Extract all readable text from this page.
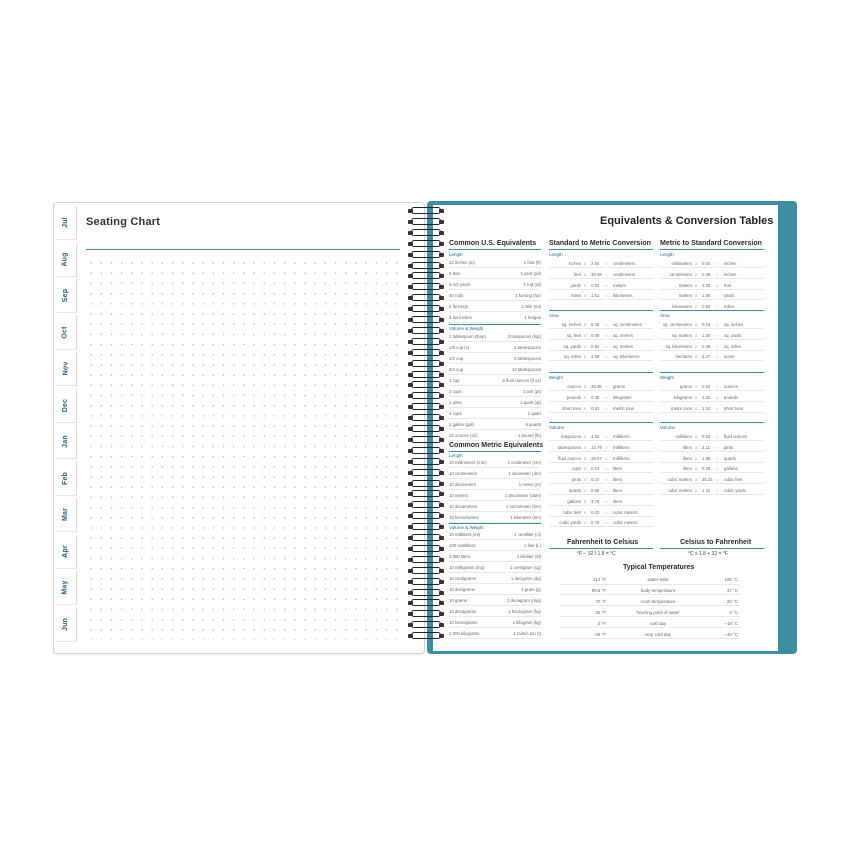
Jul
Aug
Sep
Oct
Nov
Dec
Jan
Feb
Mar
Apr
May
Jun
Seating Chart	Equivalents & Conversion Tables
Common U.S. Equivalents
Length
12 inches (in)	1 foot (ft)
3 feet	1 yard (yd)
5-1/2 yards	1 rod (rd)
40 rods	1 furlong (fur)
8 furlongs	1 mile (mi)
3 land miles	1 league
Volume & Weight
1 tablespoon (tbsp)	3 teaspoons (tsp)
1/8 cup (c)	2 tablespoons
1/2 cup	8 tablespoons
3/4 cup	12 tablespoons
1 cup	8 fluid ounces (fl oz)
2 cups	1 pint (pt)
2 pints	1 quart (qt)
4 cups	1 quart
1 gallon (gal)	4 quarts
16 ounces (oz)	1 pound (lb)
Common Metric Equivalents
Length
10 millimeters (mm)	1 centimeter (cm)
10 centimeters	1 decimeter (dm)
10 decimeters	1 meter (m)
10 meters	1 decameter (dam)
10 decameters	1 hectometer (hm)
10 hectometers	1 kilometer (km)
Volume & Weight
10 milliliters (ml)	1 centiliter (cl)
100 centiliters	1 liter (L)
1,000 liters	1 kiloliter (kl)
10 milligrams (mg)	1 centigram (cg)
10 centigrams	1 decigram (dg)
10 decigrams	1 gram (g)
10 grams	1 decagram (dag)
10 decagrams	1 hectogram (hg)
10 hectograms	1 kilogram (kg)
1,000 kilograms	1 metric ton (t)
Standard to Metric Conversion
Length
inches x 2.54	= centimeters
feet x 30.48 = centimeters
yards x 0.91	= meters
miles x 1.61	= kilometers
Area
sq. inches x 6.45	= sq. centimeters
sq. feet x 0.09	= sq. meters
sq. yards x 0.84	= sq. meters
sq. miles x 2.59	= sq. kilometers
Weight
ounces x 28.35 = grams
pounds x 0.45	= kilograms
short tons x 0.91	= metric tons
Volume
teaspoons x 4.93	= milliliters
tablespoons x 14.79 = milliliters
fluid ounces x 29.57 = milliliters
cups x 0.24	= liters
pints x 0.47	= liters
quarts x 0.95	= liters
gallons x 3.79	= liters
cubic feet x 0.03	= cubic meters
cubic yards x 0.76	= cubic meters
Metric to Standard Conversion
Length
millimeters x 0.04	= inches
centimeters x 0.39	= inches
meters x 3.28	= feet
meters x 1.09	= yards
kilometers x 0.62	= miles
Area
sq. centimeters x 0.16	= sq. inches
sq. meters x 1.20	= sq. yards
sq. kilometers x 0.39	= sq. miles
hectares x 2.47	= acres
Weight
grams x 0.04	= ounces
kilograms x 2.20	= pounds
metric tons x 1.10	= short tons
Volume
milliliters x 0.03	= fluid ounces
liters x 2.11	= pints
liters x 1.06	= quarts
liters x 0.26	= gallons
cubic meters x 35.31 = cubic feet
cubic meters x 1.31	= cubic yards
Fahrenheit to Celsius
°F − 32 / 1.8 = °C
Celsius to Fahrenheit
°C x 1.8 + 32 = °F
Typical Temperatures
212 °F	water boils	100 °C
98.6 °F	body temperature	37 °C
70 °F	room temperature	20 °C
32 °F	freezing point of water	0 °C
0 °F	cold day	−18 °C
−40 °F	very cold day	−40 °C
